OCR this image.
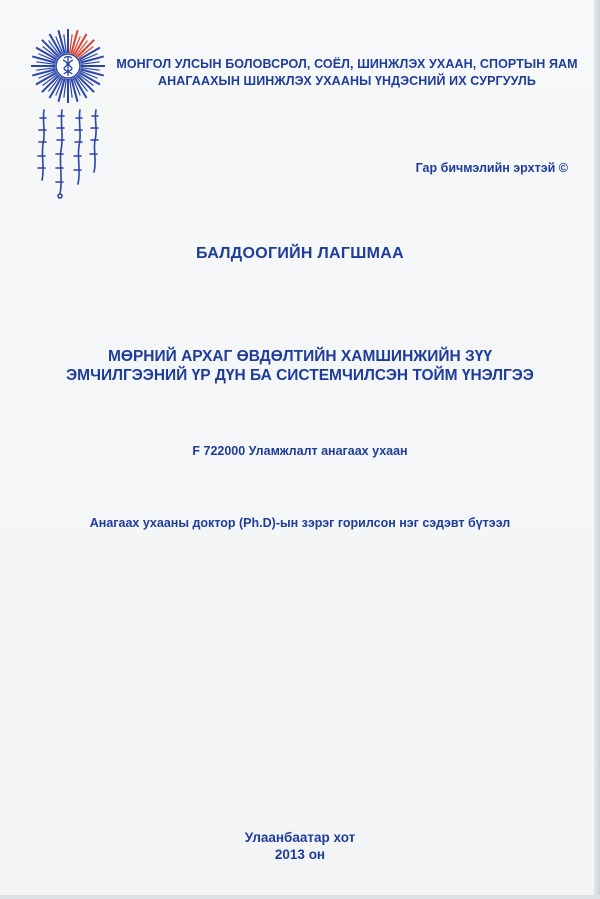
МОНГОЛ УЛСЫН БОЛОВСРОЛ, СОЁЛ, ШИНЖЛЭХ УХААН, СПОРТЫН ЯАМ
АНАГААХЫН ШИНЖЛЭХ УХААНЫ ҮНДЭСНИЙ ИХ СУРГУУЛЬ
Гар бичмэлийн эрхтэй ©
БАЛДООГИЙН ЛАГШМАА
МӨРНИЙ АРХАГ ӨВДӨЛТИЙН ХАМШИНЖИЙН ЗҮҮ
ЭМЧИЛГЭЭНИЙ ҮР ДҮН БА СИСТЕМЧИЛСЭН ТОЙМ ҮНЭЛГЭЭ
F 722000 Уламжлалт анагаах ухаан
Анагаах ухааны доктор (Ph.D)-ын зэрэг горилсон нэг сэдэвт бүтээл
Улаанбаатар хот
2013 он
